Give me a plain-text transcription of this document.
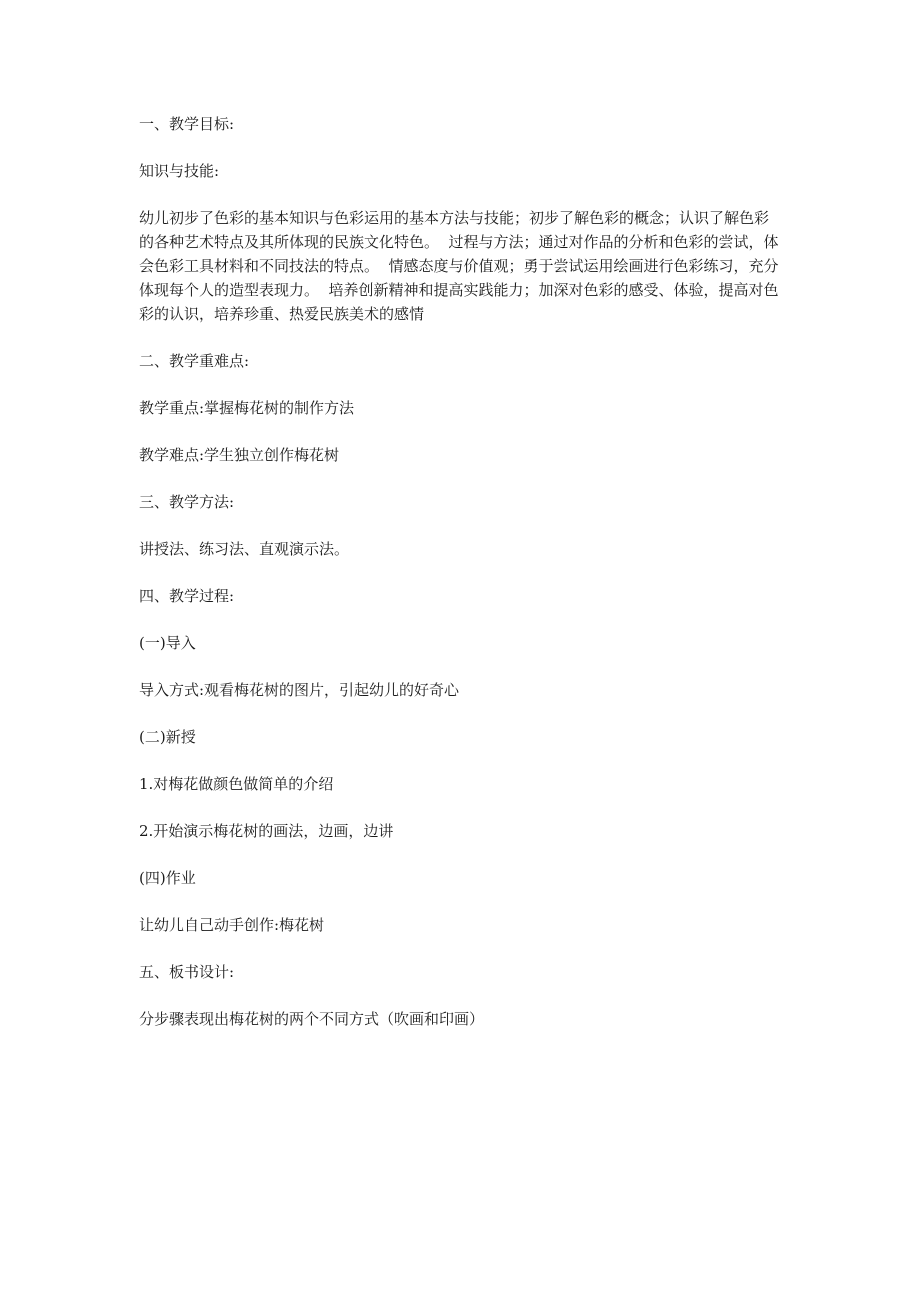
一、教学目标:

知识与技能:

幼儿初步了色彩的基本知识与色彩运用的基本方法与技能；初步了解色彩的概念；认识了解色彩的各种艺术特点及其所体现的民族文化特色。  过程与方法；通过对作品的分析和色彩的尝试，体会色彩工具材料和不同技法的特点。  情感态度与价值观；勇于尝试运用绘画进行色彩练习，充分体现每个人的造型表现力。  培养创新精神和提高实践能力；加深对色彩的感受、体验，提高对色彩的认识，培养珍重、热爱民族美术的感情

二、教学重难点:

教学重点:掌握梅花树的制作方法

教学难点:学生独立创作梅花树

三、教学方法:

讲授法、练习法、直观演示法。

四、教学过程:

(一)导入

导入方式:观看梅花树的图片，引起幼儿的好奇心

(二)新授

1.对梅花做颜色做简单的介绍

2.开始演示梅花树的画法，边画，边讲

(四)作业

让幼儿自己动手创作:梅花树

五、板书设计:

分步骤表现出梅花树的两个不同方式（吹画和印画）
